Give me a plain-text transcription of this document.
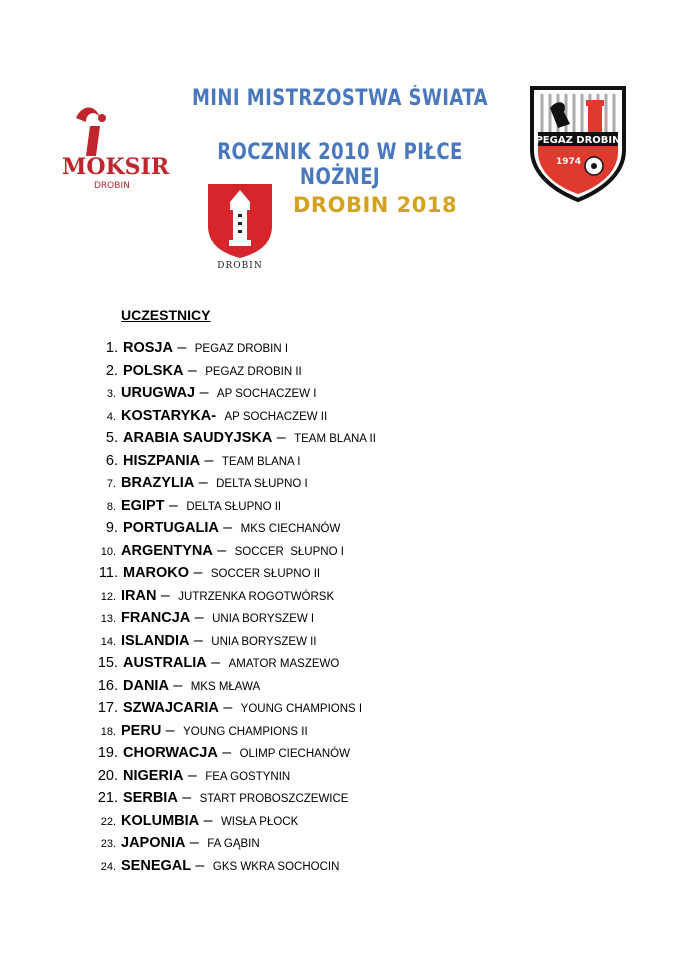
MOKSIR
DROBIN
PEGAZ DROBIN
1974
DROBIN
MINI MISTRZOSTWA ŚWIATA
ROCZNIK 2010 W PIŁCE NOŻNEJ
DROBIN 2018
UCZESTNICY
1. ROSJA – PEGAZ DROBIN I
2. POLSKA – PEGAZ DROBIN II
3. URUGWAJ – AP SOCHACZEW I
4. KOSTARYKA-
AP SOCHACZEW II
5. ARABIA SAUDYJSKA – TEAM BLANA II
6. HISZPANIA – TEAM BLANA I
7. BRAZYLIA – DELTA SŁUPNO I
8. EGIPT – DELTA SŁUPNO II
9. PORTUGALIA – MKS CIECHANÓW
10. ARGENTYNA – SOCCER  SŁUPNO I
11. MAROKO – SOCCER SŁUPNO II
12. IRAN – JUTRZENKA ROGOTWÓRSK
13. FRANCJA – UNIA BORYSZEW I
14. ISLANDIA – UNIA BORYSZEW II
15. AUSTRALIA – AMATOR MASZEWO
16. DANIA – MKS MŁAWA
17. SZWAJCARIA – YOUNG CHAMPIONS I
18. PERU – YOUNG CHAMPIONS II
19. CHORWACJA – OLIMP CIECHANÓW
20. NIGERIA – FEA GOSTYNIN
21. SERBIA – START PROBOSZCZEWICE
22. KOLUMBIA – WISŁA PŁOCK
23. JAPONIA – FA GĄBIN
24. SENEGAL – GKS WKRA SOCHOCIN
